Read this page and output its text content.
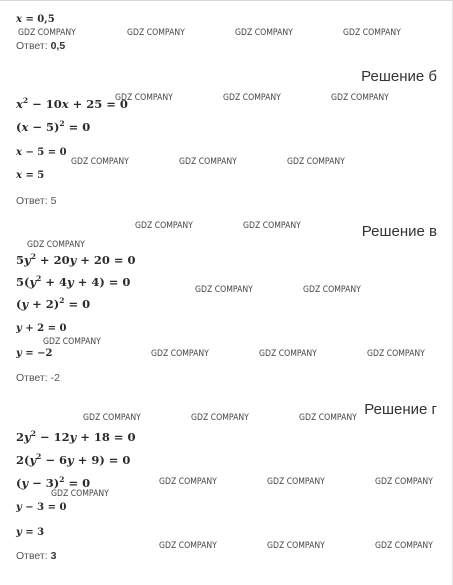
x = 0,5
Ответ: 0,5
Решение б
$x^2 - 10x + 25 = 0$
$(x - 5)^2 = 0$
x − 5 = 0
x = 5
Ответ: 5
Решение в
$5y^2 + 20y + 20 = 0$
$5(y^2 + 4y + 4) = 0$
$(y + 2)^2 = 0$
y + 2 = 0
y = −2
Ответ: -2
Решение г
$2y^2 - 12y + 18 = 0$
$2(y^2 - 6y + 9) = 0$
$(y - 3)^2 = 0$
y − 3 = 0
y = 3
Ответ: 3
GDZ COMPANY	GDZ COMPANY	GDZ COMPANY	GDZ COMPANY
GDZ COMPANY	GDZ COMPANY	GDZ COMPANY
GDZ COMPANY	GDZ COMPANY	GDZ COMPANY
GDZ COMPANY	GDZ COMPANY
GDZ COMPANY
GDZ COMPANY	GDZ COMPANY
GDZ COMPANY
GDZ COMPANY	GDZ COMPANY	GDZ COMPANY
GDZ COMPANY	GDZ COMPANY	GDZ COMPANY
GDZ COMPANY	GDZ COMPANY	GDZ COMPANY
GDZ COMPANY
GDZ COMPANY	GDZ COMPANY	GDZ COMPANY
